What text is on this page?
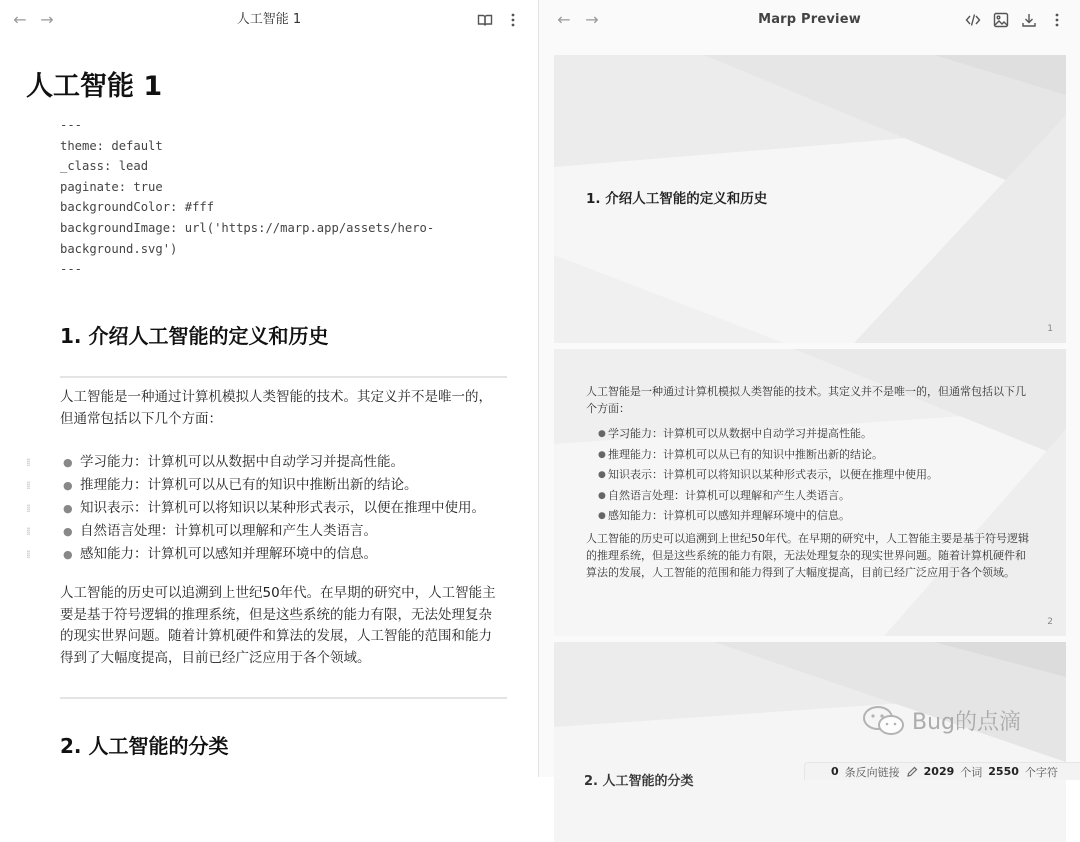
← →	人工智能 1
人工智能 1
---
theme: default
_class: lead
paginate: true
backgroundColor: #fff
backgroundImage: url('https://marp.app/assets/hero-
background.svg')
---
1. 介绍人工智能的定义和历史
人工智能是一种通过计算机模拟人类智能的技术。其定义并不是唯一的，但通常包括以下几个方面：
⁞⁞	● 学习能力：计算机可以从数据中自动学习并提高性能。
⁞⁞	● 推理能力：计算机可以从已有的知识中推断出新的结论。
⁞⁞	● 知识表示：计算机可以将知识以某种形式表示，以便在推理中使用。
⁞⁞	● 自然语言处理：计算机可以理解和产生人类语言。
⁞⁞	● 感知能力：计算机可以感知并理解环境中的信息。
人工智能的历史可以追溯到上世纪50年代。在早期的研究中，人工智能主要是基于符号逻辑的推理系统，但是这些系统的能力有限，无法处理复杂的现实世界问题。随着计算机硬件和算法的发展，人工智能的范围和能力得到了大幅度提高，目前已经广泛应用于各个领域。
2. 人工智能的分类
← →	Marp Preview
1. 介绍人工智能的定义和历史
1
人工智能是一种通过计算机模拟人类智能的技术。其定义并不是唯一的，但通常包括以下几个方面：
● 学习能力：计算机可以从数据中自动学习并提高性能。
● 推理能力：计算机可以从已有的知识中推断出新的结论。
● 知识表示：计算机可以将知识以某种形式表示，以便在推理中使用。
● 自然语言处理：计算机可以理解和产生人类语言。
● 感知能力：计算机可以感知并理解环境中的信息。
人工智能的历史可以追溯到上世纪50年代。在早期的研究中，人工智能主要是基于符号逻辑的推理系统，但是这些系统的能力有限，无法处理复杂的现实世界问题。随着计算机硬件和算法的发展，人工智能的范围和能力得到了大幅度提高，目前已经广泛应用于各个领域。
2
2. 人工智能的分类
Bug的点滴
0 条反向链接 2029 个词 2550 个字符
